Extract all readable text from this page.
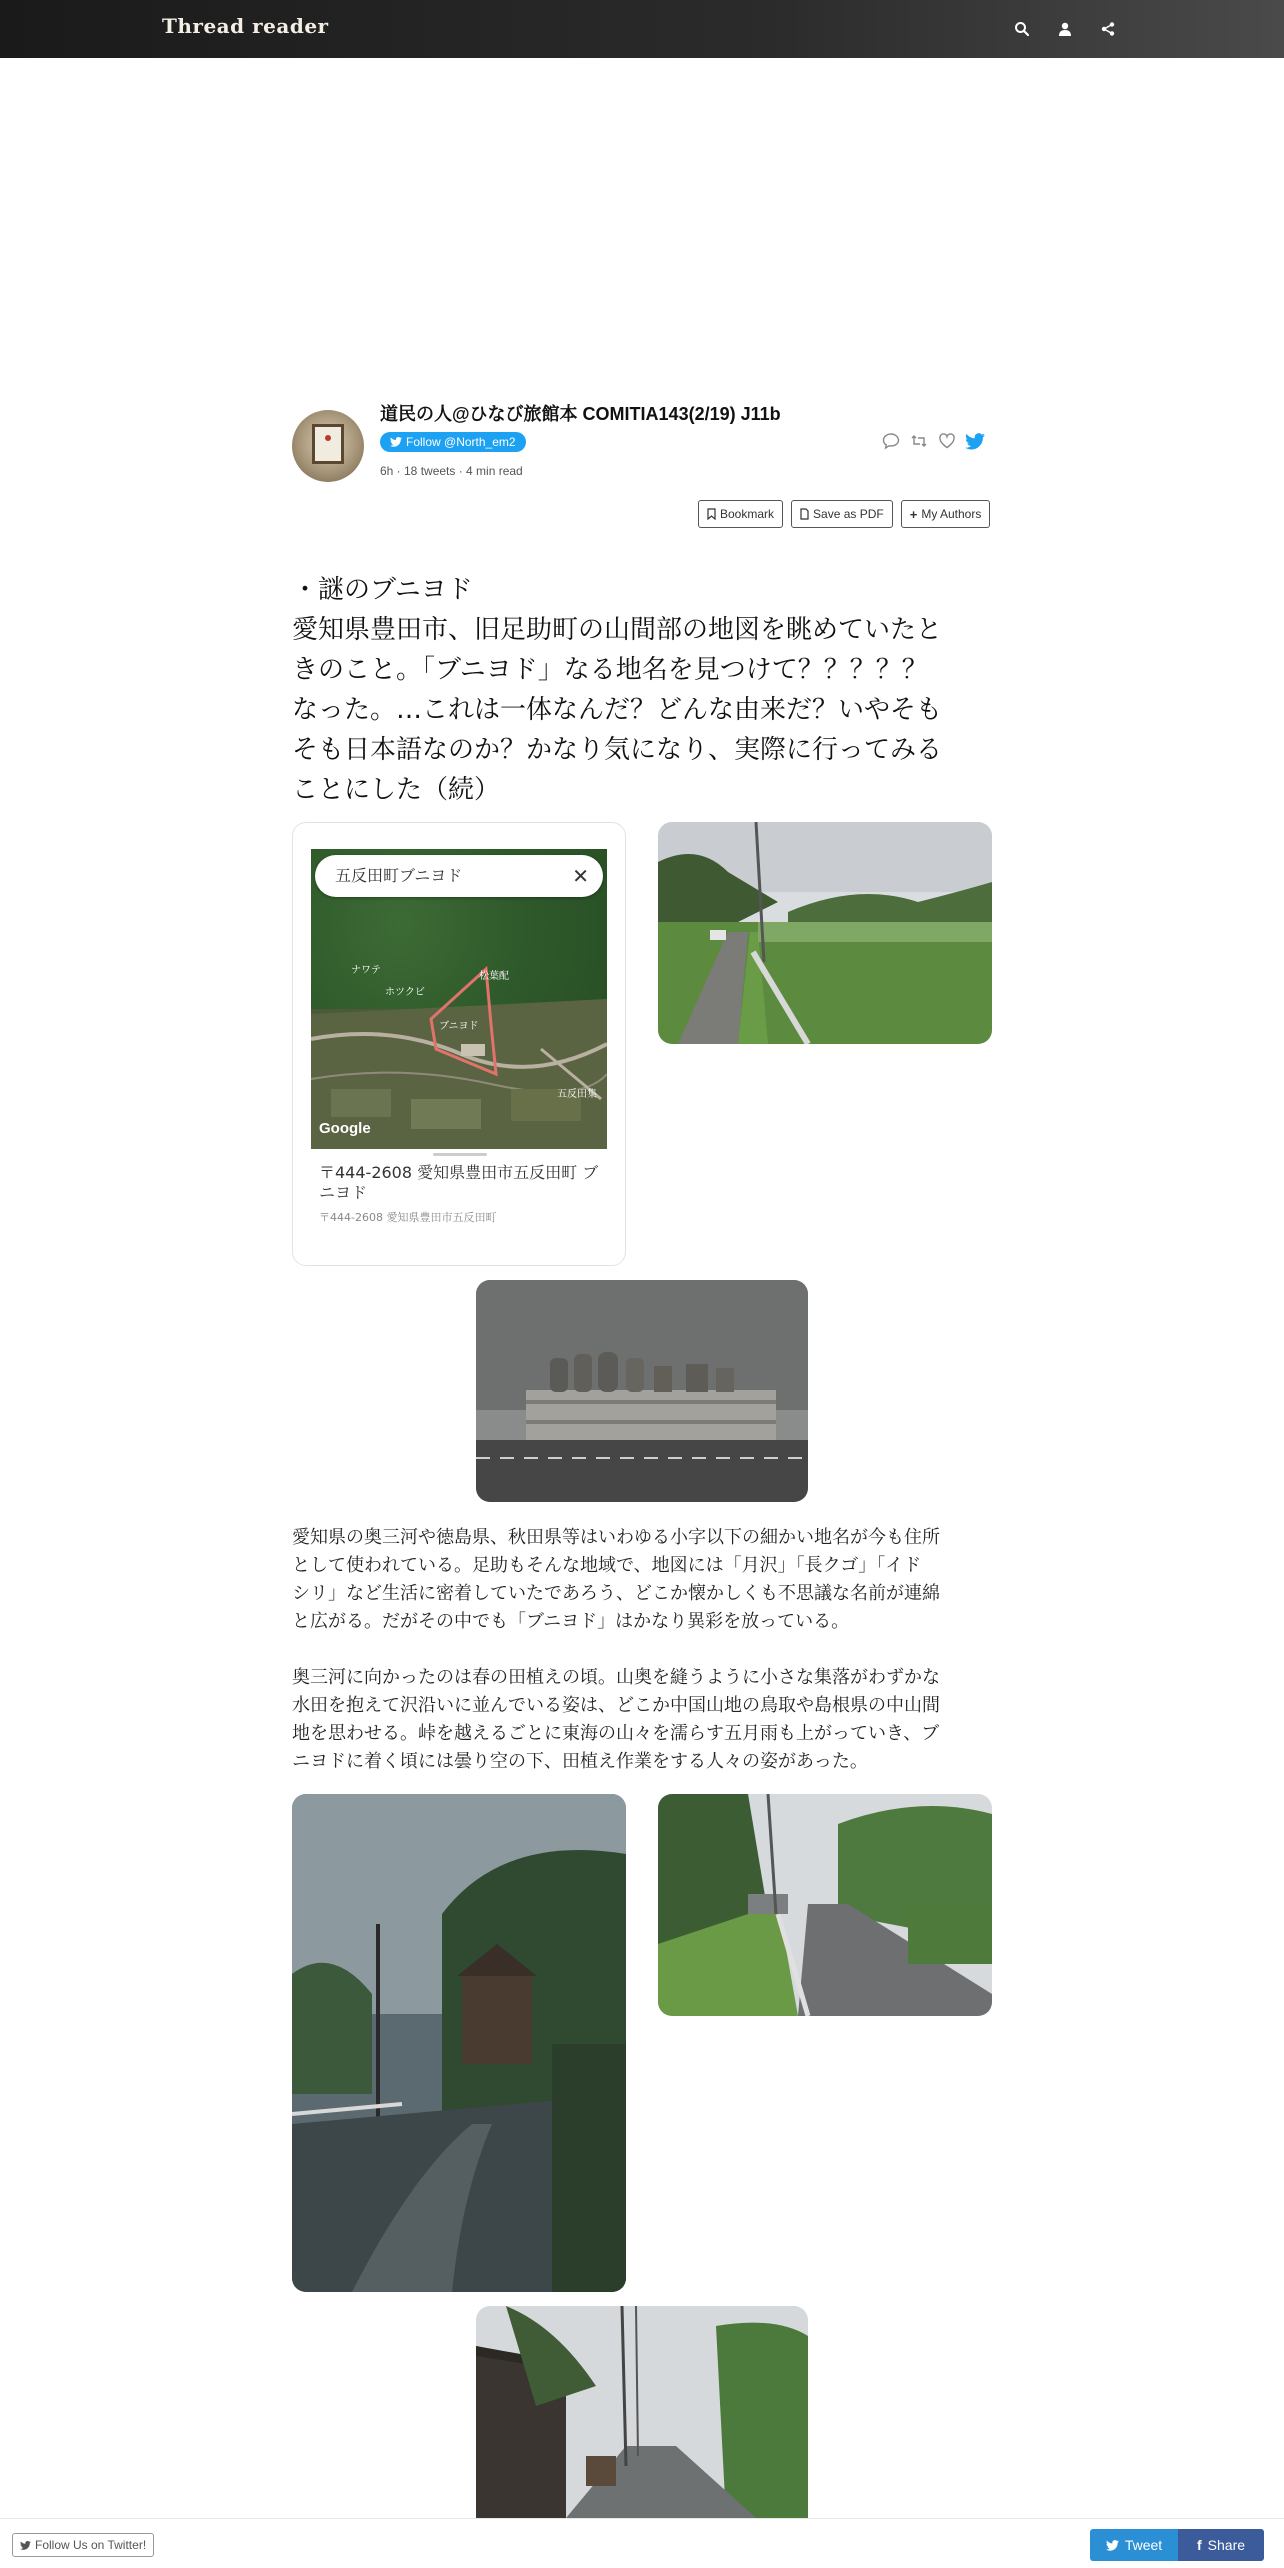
Thread reader
道民の人@ひなび旅館本 COMITIA143(2/19) J11b
Follow @North_em2
6h · 18 tweets · 4 min read
Bookmark	Save as PDF + My Authors
・謎のブニヨド
愛知県豊田市、旧足助町の山間部の地図を眺めていたと
きのこと。「ブニヨド」なる地名を見つけて？？？？？
なった。…これは一体なんだ？どんな由来だ？いやそも
そも日本語なのか？かなり気になり、実際に行ってみる
ことにした（続）
五反田町ブニヨド	✕
ナワテ
ホツクビ
ブニヨド
松葉配
五反田集
Google
〒444-2608 愛知県豊田市五反田町 ブニヨド
〒444-2608 愛知県豊田市五反田町
愛知県の奥三河や徳島県、秋田県等はいわゆる小字以下の細かい地名が今も住所
として使われている。足助もそんな地域で、地図には「月沢」「長クゴ」「イド
シリ」など生活に密着していたであろう、どこか懐かしくも不思議な名前が連綿
と広がる。だがその中でも「ブニヨド」はかなり異彩を放っている。
奥三河に向かったのは春の田植えの頃。山奥を縫うように小さな集落がわずかな
水田を抱えて沢沿いに並んでいる姿は、どこか中国山地の鳥取や島根県の中山間
地を思わせる。峠を越えるごとに東海の山々を濡らす五月雨も上がっていき、ブ
ニヨドに着く頃には曇り空の下、田植え作業をする人々の姿があった。
Follow Us on Twitter!	Tweet f Share
